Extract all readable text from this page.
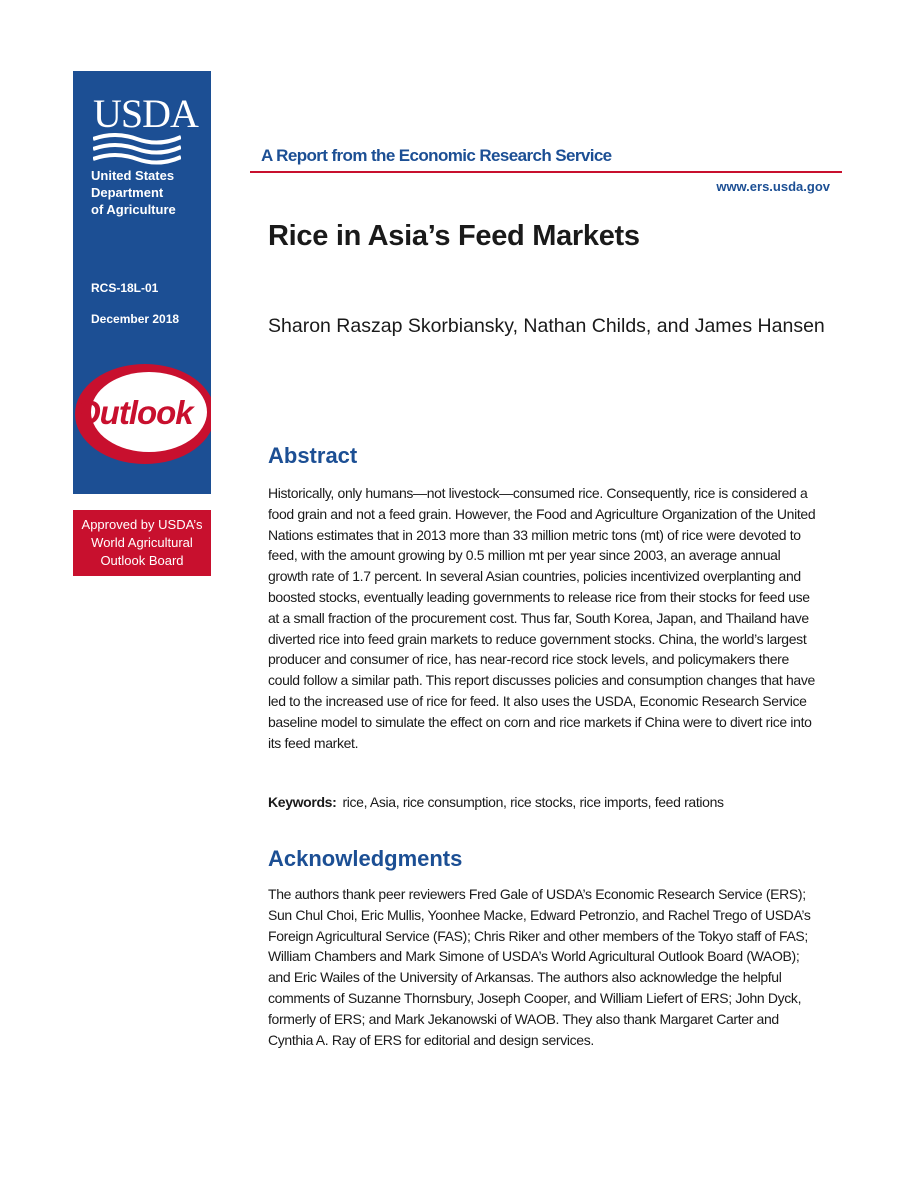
USDA
United States
Department
of Agriculture
RCS-18L-01
December 2018
Outlook
Approved by USDA’s
World Agricultural
Outlook Board
A Report from the Economic Research Service
www.ers.usda.gov
Rice in Asia’s Feed Markets
Sharon Raszap Skorbiansky, Nathan Childs, and James Hansen
Abstract
Historically, only humans—not livestock—consumed rice. Consequently, rice is considered a food grain and not a feed grain. However, the Food and Agriculture Organization of the United Nations estimates that in 2013 more than 33 million metric tons (mt) of rice were devoted to feed, with the amount growing by 0.5 million mt per year since 2003, an average annual growth rate of 1.7 percent. In several Asian countries, policies incentivized overplanting and boosted stocks, eventually leading governments to release rice from their stocks for feed use at a small fraction of the procurement cost. Thus far, South Korea, Japan, and Thailand have diverted rice into feed grain markets to reduce government stocks. China, the world’s largest producer and consumer of rice, has near-record rice stock levels, and policymakers there could follow a similar path. This report discusses policies and consumption changes that have led to the increased use of rice for feed. It also uses the USDA, Economic Research Service baseline model to simulate the effect on corn and rice markets if China were to divert rice into its feed market.
Keywords: rice, Asia, rice consumption, rice stocks, rice imports, feed rations
Acknowledgments
The authors thank peer reviewers Fred Gale of USDA’s Economic Research Service (ERS); Sun Chul Choi, Eric Mullis, Yoonhee Macke, Edward Petronzio, and Rachel Trego of USDA’s Foreign Agricultural Service (FAS); Chris Riker and other members of the Tokyo staff of FAS; William Chambers and Mark Simone of USDA’s World Agricultural Outlook Board (WAOB); and Eric Wailes of the University of Arkansas. The authors also acknowledge the helpful comments of Suzanne Thornsbury, Joseph Cooper, and William Liefert of ERS; John Dyck, formerly of ERS; and Mark Jekanowski of WAOB. They also thank Margaret Carter and Cynthia A. Ray of ERS for editorial and design services.
